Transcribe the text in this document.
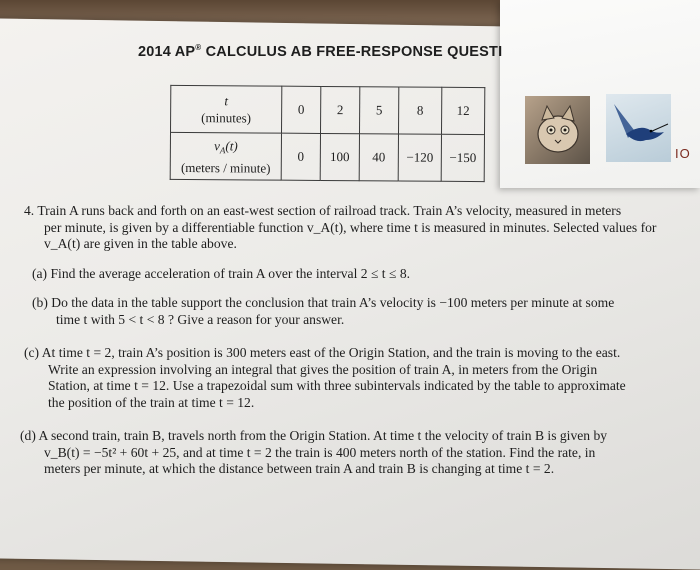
IO
2014 AP® CALCULUS AB FREE-RESPONSE QUESTI
t
(minutes)	0	2	5	8	12
$v_A(t)$
(meters / minute)	0	100	40	−120	−150

4. Train A runs back and forth on an east-west section of railroad track. Train A’s velocity, measured in meters

per minute, is given by a differentiable function v_A(t), where time t is measured in minutes. Selected values for

v_A(t) are given in the table above.

(a) Find the average acceleration of train A over the interval 2 ≤ t ≤ 8.

(b) Do the data in the table support the conclusion that train A’s velocity is −100 meters per minute at some

time t with 5 < t < 8 ? Give a reason for your answer.

(c) At time t = 2, train A’s position is 300 meters east of the Origin Station, and the train is moving to the east.

Write an expression involving an integral that gives the position of train A, in meters from the Origin

Station, at time t = 12. Use a trapezoidal sum with three subintervals indicated by the table to approximate

the position of the train at time t = 12.

(d) A second train, train B, travels north from the Origin Station. At time t the velocity of train B is given by

v_B(t) = −5t² + 60t + 25, and at time t = 2 the train is 400 meters north of the station. Find the rate, in

meters per minute, at which the distance between train A and train B is changing at time t = 2.
